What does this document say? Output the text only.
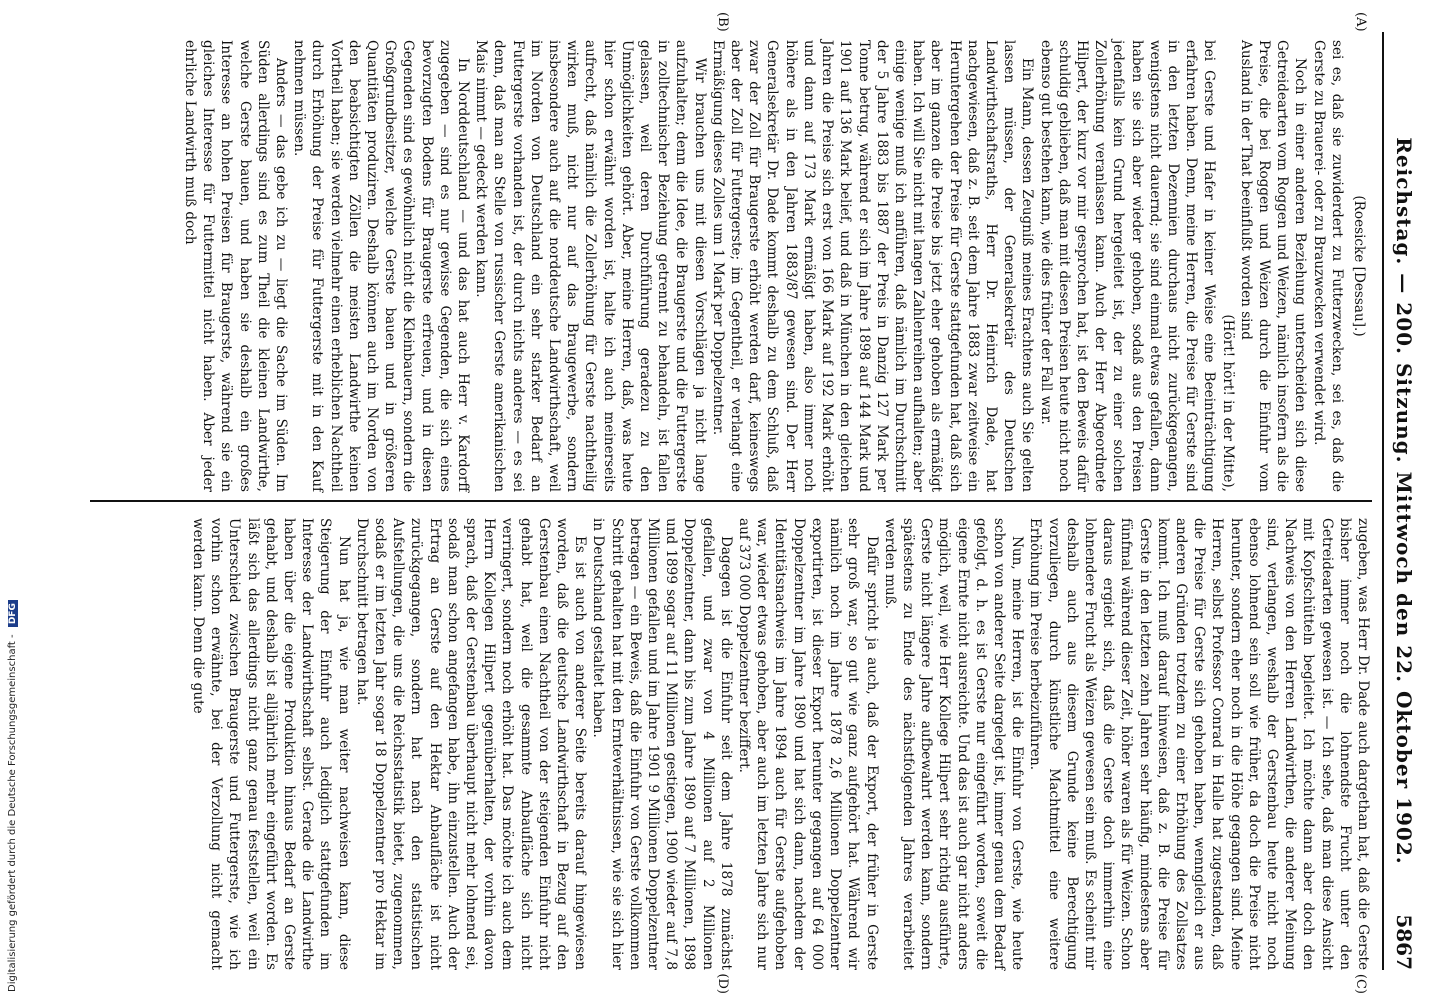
Digitalisierung gefördert durch die Deutsche Forschungsgemeinschaft - DFG	Reichstag. — 200. Sitzung. Mittwoch den 22. Oktober 1902.
5867
(A)
(B)
(C)
(D)

(Roesicke [Dessau].)

sei es, daß sie zuwiderdert zu Futterzwecken, sei es, daß die Gerste zu Brauerei- oder zu Brauzwecken verwendet wird.

Noch in einer anderen Beziehung unterscheiden sich diese Getreidearten vom Roggen und Weizen, nämlich insofern als die Preise, die bei Roggen und Weizen durch die Einfuhr vom Ausland in der That beeinflußt worden sind

(Hört! hört! in der Mitte),

bei Gerste und Hafer in keiner Weise eine Beeinträchtigung erfahren haben. Denn, meine Herren, die Preise für Gerste sind in den letzten Dezennien durchaus nicht zurückgegangen, wenigstens nicht dauernd; sie sind einmal etwas gefallen, dann haben sie sich aber wieder gehoben, sodaß aus den Preisen jedenfalls kein Grund hergeleitet ist, der zu einer solchen Zollerhöhung veranlassen kann. Auch der Herr Abgeordnete Hilpert, der kurz vor mir gesprochen hat, ist den Beweis dafür schuldig geblieben, daß man mit diesen Preisen heute nicht noch ebenso gut bestehen kann, wie dies früher der Fall war.

Ein Mann, dessen Zeugniß meines Erachtens auch Sie gelten lassen müssen, der Generalsekretär des Deutschen Landwirthschaftsraths, Herr Dr. Heinrich Dade, hat nachgewiesen, daß z. B. seit dem Jahre 1883 zwar zeitweise ein Heruntergehen der Preise für Gerste stattgefunden hat, daß sich aber im ganzen die Preise bis jetzt eher gehoben als ermäßigt haben. Ich will Sie nicht mit langen Zahlenreihen aufhalten; aber einige wenige muß ich anführen, daß nämlich im Durchschnitt der 5 Jahre 1883 bis 1887 der Preis in Danzig 127 Mark per Tonne betrug, während er sich im Jahre 1898 auf 144 Mark und 1901 auf 136 Mark belief, und daß in München in den gleichen Jahren die Preise sich erst von 166 Mark auf 192 Mark erhöht und dann auf 173 Mark ermäßigt haben, also immer noch höhere als in den Jahren 1883/87 gewesen sind. Der Herr Generalsekretär Dr. Dade kommt deshalb zu dem Schluß, daß zwar der Zoll für Braugerste erhöht werden darf, keineswegs aber der Zoll für Futtergerste; im Gegentheil, er verlangt eine Ermäßigung dieses Zolles um 1 Mark per Doppelzentner.

Wir brauchen uns mit diesen Vorschlägen ja nicht lange aufzuhalten; denn die Idee, die Braugerste und die Futtergerste in zolltechnischer Beziehung getrennt zu behandeln, ist fallen gelassen, weil deren Durchführung geradezu zu den Unmöglichkeiten gehört. Aber, meine Herren, daß, was heute hier schon erwähnt worden ist, halte ich auch meinerseits aufrecht, daß nämlich die Zollerhöhung für Gerste nachtheilig wirken muß, nicht nur auf das Braugewerbe, sondern insbesondere auch auf die norddeutsche Landwirthschaft, weil im Norden von Deutschland ein sehr starker Bedarf an Futtergerste vorhanden ist, der durch nichts anderes — es sei denn, daß man an Stelle von russischer Gerste amerikanischen Mais nimmt — gedeckt werden kann.

In Norddeutschland — und das hat auch Herr v. Kardorff zugegeben — sind es nur gewisse Gegenden, die sich eines bevorzugten Bodens für Braugerste erfreuen, und in diesen Gegenden sind es gewöhnlich nicht die Kleinbauern, sondern die Großgrundbesitzer, welche Gerste bauen und in größeren Quantitäten produziren. Deshalb können auch im Norden von den beabsichtigten Zöllen die meisten Landwirthe keinen Vortheil haben; sie werden vielmehr einen erheblichen Nachtheil durch Erhöhung der Preise für Futtergerste mit in den Kauf nehmen müssen.

Anders — das gebe ich zu — liegt die Sache im Süden. Im Süden allerdings sind es zum Theil die kleinen Landwirthe, welche Gerste bauen, und haben sie deshalb ein großes Interesse an hohen Preisen für Braugerste, während sie ein gleiches Interesse für Futtermittel nicht haben. Aber jeder ehrliche Landwirth muß doch

zugeben, was Herr Dr. Dade auch dargethan hat, daß die Gerste bisher immer noch die lohnendste Frucht unter den Getreidearten gewesen ist. — Ich sehe, daß man diese Ansicht mit Kopfschütteln begleitet. Ich möchte dann aber doch den Nachweis von den Herren Landwirthen, die anderer Meinung sind, verlangen, weshalb der Gerstenbau heute nicht noch ebenso lohnend sein soll wie früher, da doch die Preise nicht herunter, sondern eher noch in die Höhe gegangen sind. Meine Herren, selbst Professor Conrad in Halle hat zugestanden, daß die Preise für Gerste sich gehoben haben, wenngleich er aus anderen Gründen trotzdem zu einer Erhöhung des Zollsatzes kommt. Ich muß darauf hinweisen, daß z. B. die Preise für Gerste in den letzten zehn Jahren sehr häufig, mindestens aber fünfmal während dieser Zeit, höher waren als für Weizen. Schon daraus ergiebt sich, daß die Gerste doch immerhin eine lohnendere Frucht als Weizen gewesen sein muß. Es scheint mir deshalb auch aus diesem Grunde keine Berechtigung vorzuliegen, durch künstliche Machtmittel eine weitere Erhöhung im Preise herbeizuführen.

Nun, meine Herren, ist die Einfuhr von Gerste, wie heute schon von anderer Seite dargelegt ist, immer genau dem Bedarf gefolgt, d. h. es ist Gerste nur eingeführt worden, soweit die eigene Ernte nicht ausreichte. Und das ist auch gar nicht anders möglich, weil, wie Herr Kollege Hilpert sehr richtig ausführte, Gerste nicht längere Jahre aufbewahrt werden kann, sondern spätestens zu Ende des nächstfolgenden Jahres verarbeitet werden muß.

Dafür spricht ja auch, daß der Export, der früher in Gerste sehr groß war, so gut wie ganz aufgehört hat. Während wir nämlich noch im Jahre 1878 2,6 Millionen Doppelzentner exportirten, ist dieser Export herunter gegangen auf 64 000 Doppelzentner im Jahre 1890 und hat sich dann, nachdem der Identitätsnachweis im Jahre 1894 auch für Gerste aufgehoben war, wieder etwas gehoben, aber auch im letzten Jahre sich nur auf 373 000 Doppelzentner beziffert.

Dagegen ist die Einfuhr seit dem Jahre 1878 zunächst gefallen, und zwar von 4 Millionen auf 2 Millionen Doppelzentner, dann bis zum Jahre 1890 auf 7 Millionen, 1898 und 1899 sogar auf 11 Millionen gestiegen, 1900 wieder auf 7,8 Millionen gefallen und im Jahre 1901 9 Millionen Doppelzentner betragen — ein Beweis, daß die Einfuhr von Gerste vollkommen Schritt gehalten hat mit den Ernteverhältnissen, wie sie sich hier in Deutschland gestaltet haben.

Es ist auch von anderer Seite bereits darauf hingewiesen worden, daß die deutsche Landwirthschaft in Bezug auf den Gerstenbau einen Nachtheil von der steigenden Einfuhr nicht gehabt hat, weil die gesammte Anbaufläche sich nicht verringert, sondern noch erhöht hat. Das möchte ich auch dem Herrn Kollegen Hilpert gegenüberhalten, der vorhin davon sprach, daß der Gerstenbau überhaupt nicht mehr lohnend sei, sodaß man schon angefangen habe, ihn einzustellen. Auch der Ertrag an Gerste auf den Hektar Anbaufläche ist nicht zurückgegangen, sondern hat nach den statistischen Aufstellungen, die uns die Reichsstatistik bietet, zugenommen, sodaß er im letzten Jahr sogar 18 Doppelzentner pro Hektar im Durchschnitt betragen hat.

Nun hat ja, wie man weiter nachweisen kann, diese Steigerung der Einfuhr auch lediglich stattgefunden im Interesse der Landwirthschaft selbst. Gerade die Landwirthe haben über die eigene Produktion hinaus Bedarf an Gerste gehabt, und deshalb ist alljährlich mehr eingeführt worden. Es läßt sich das allerdings nicht ganz genau feststellen, weil ein Unterschied zwischen Braugerste und Futtergerste, wie ich vorhin schon erwähnte, bei der Verzollung nicht gemacht werden kann. Denn die gute
